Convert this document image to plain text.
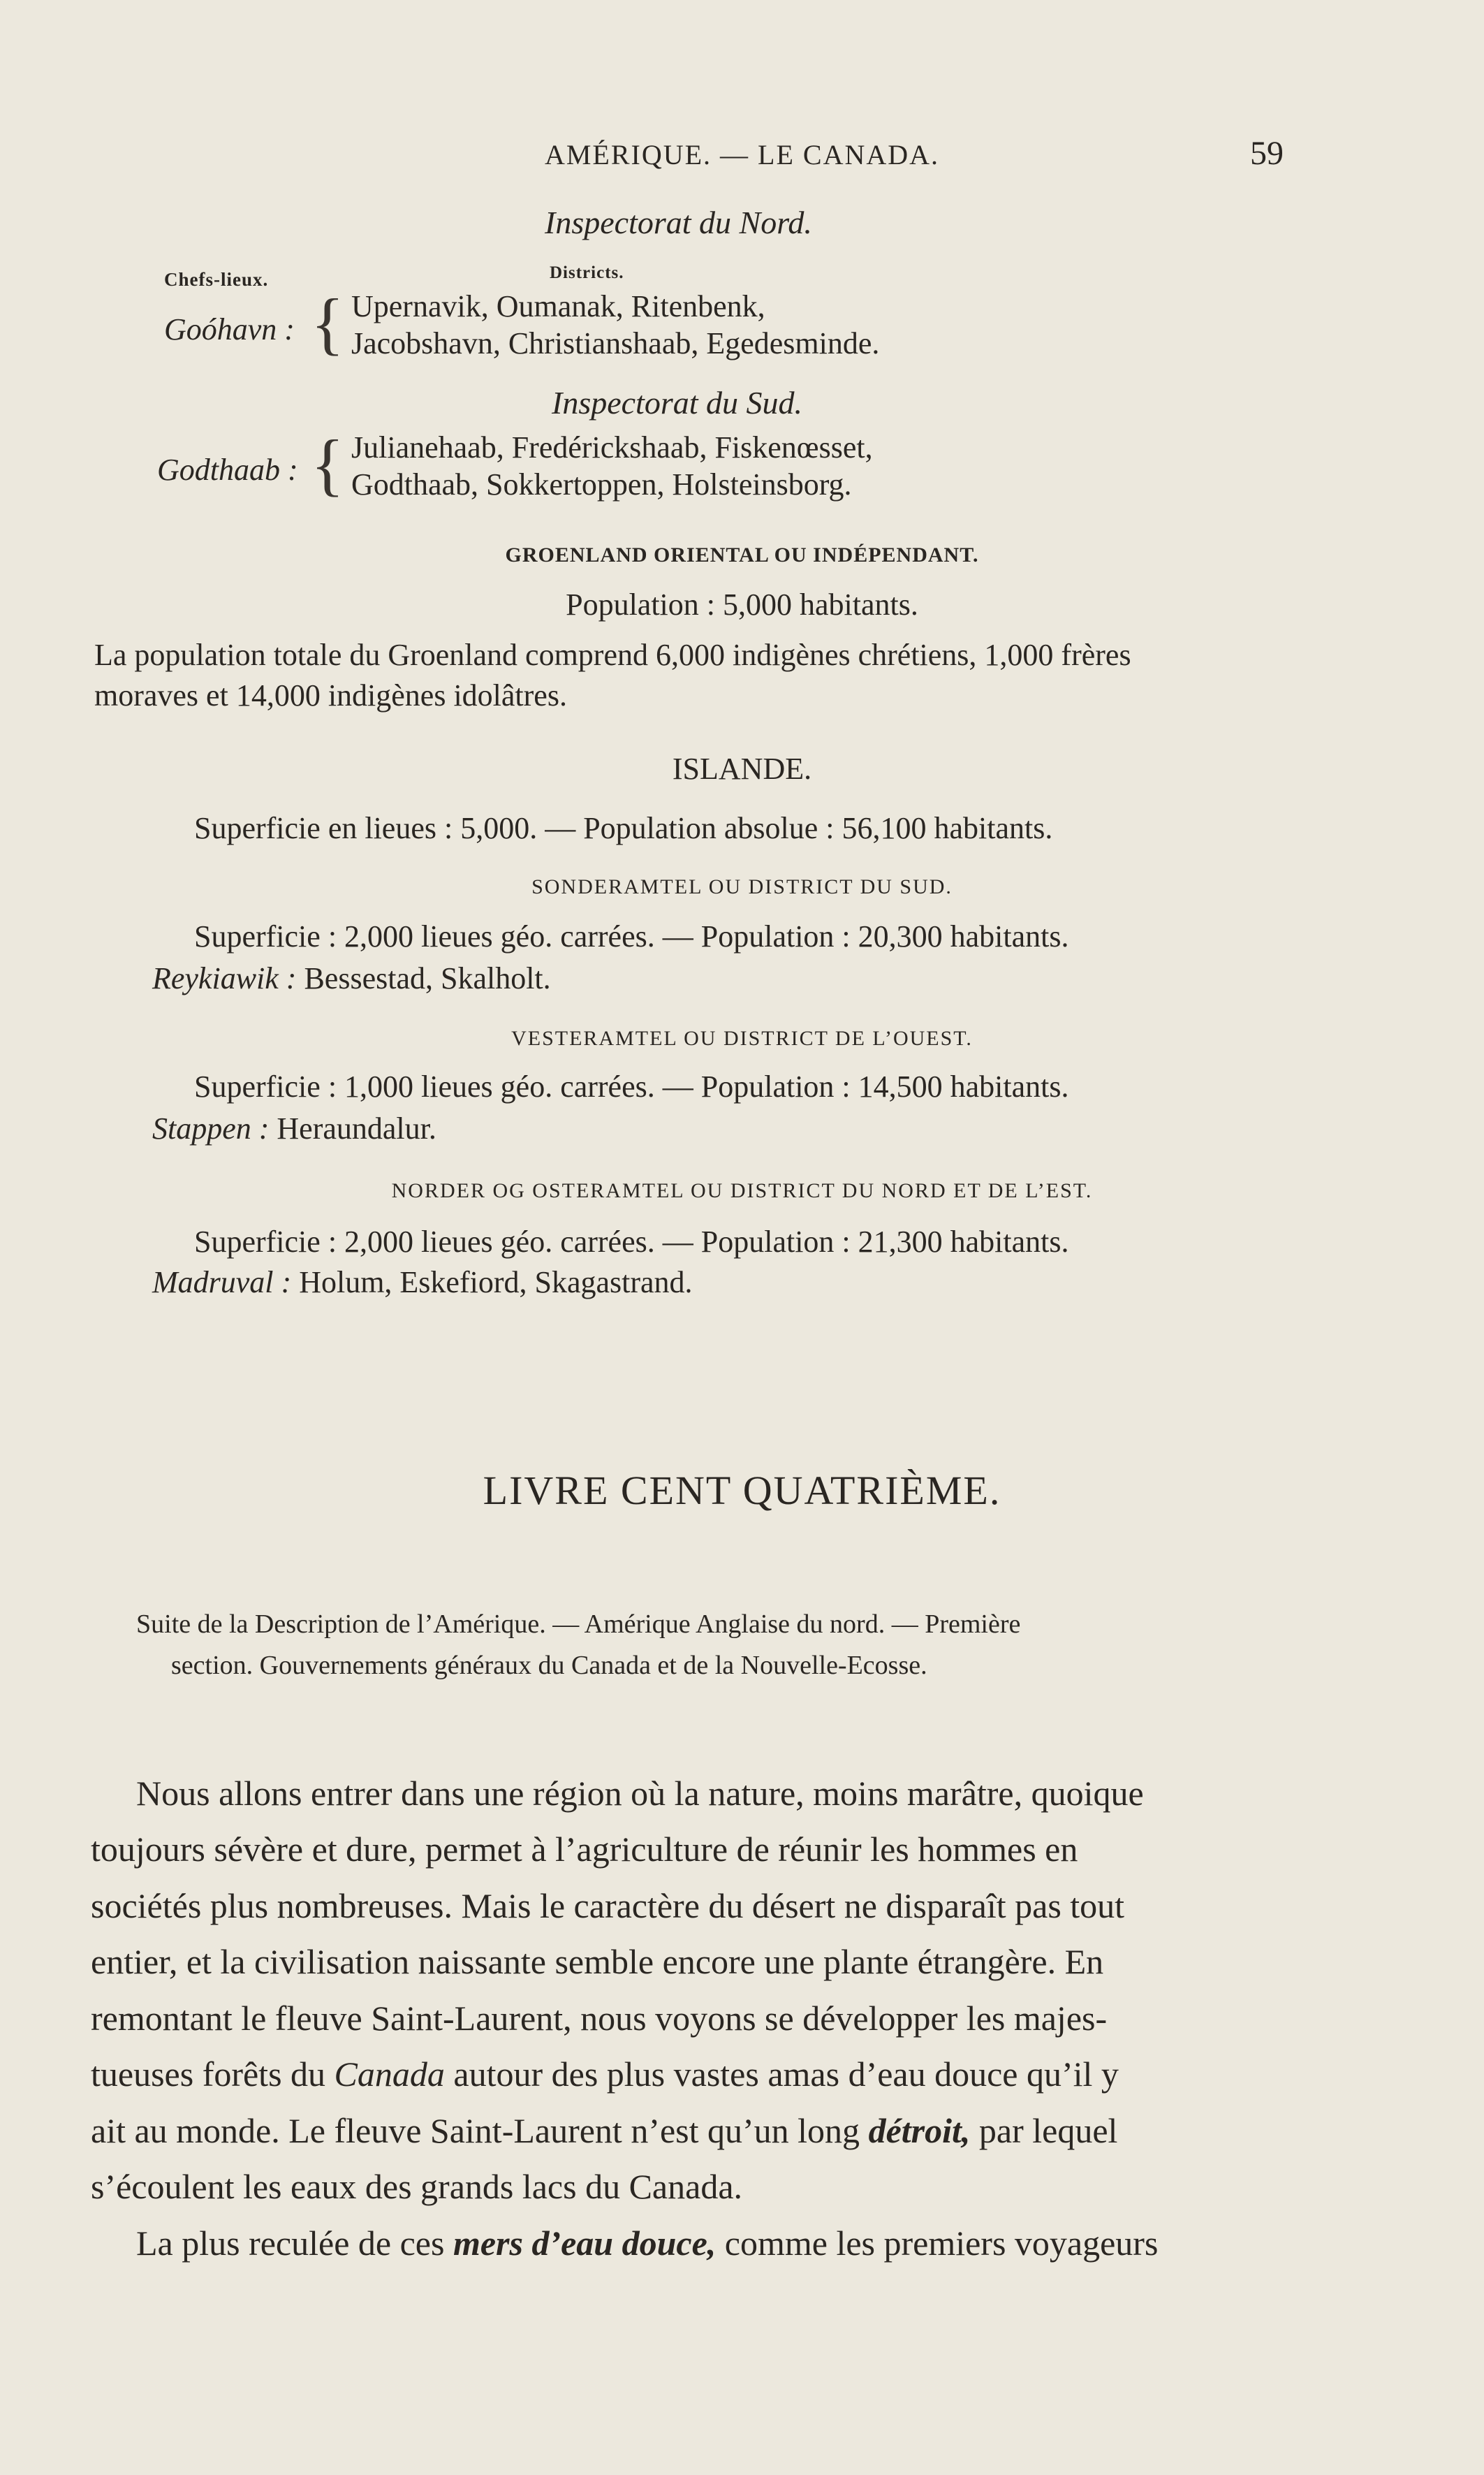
AMÉRIQUE. — LE CANADA.	59
Inspectorat du Nord.
Chefs-lieux.	Districts.
Goóhavn : { Upernavik, Oumanak, Ritenbenk,
Jacobshavn, Christianshaab, Egedesminde.
Inspectorat du Sud.
Godthaab : { Julianehaab, Fredérickshaab, Fiskenœsset,
Godthaab, Sokkertoppen, Holsteinsborg.
GROENLAND ORIENTAL OU INDÉPENDANT.
Population : 5,000 habitants.
La population totale du Groenland comprend 6,000 indigènes chrétiens, 1,000 frères
moraves et 14,000 indigènes idolâtres.
ISLANDE.
Superficie en lieues : 5,000. — Population absolue : 56,100 habitants.
SONDERAMTEL OU DISTRICT DU SUD.
Superficie : 2,000 lieues géo. carrées. — Population : 20,300 habitants.
Reykiawik : Bessestad, Skalholt.
VESTERAMTEL OU DISTRICT DE L’OUEST.
Superficie : 1,000 lieues géo. carrées. — Population : 14,500 habitants.
Stappen : Heraundalur.
NORDER OG OSTERAMTEL OU DISTRICT DU NORD ET DE L’EST.
Superficie : 2,000 lieues géo. carrées. — Population : 21,300 habitants.
Madruval : Holum, Eskefiord, Skagastrand.
LIVRE CENT QUATRIÈME.
Suite de la Description de l’Amérique. — Amérique Anglaise du nord. — Première
section. Gouvernements généraux du Canada et de la Nouvelle-Ecosse.
Nous allons entrer dans une région où la nature, moins marâtre, quoique
toujours sévère et dure, permet à l’agriculture de réunir les hommes en
sociétés plus nombreuses. Mais le caractère du désert ne disparaît pas tout
entier, et la civilisation naissante semble encore une plante étrangère. En
remontant le fleuve Saint-Laurent, nous voyons se développer les majes-
tueuses forêts du Canada autour des plus vastes amas d’eau douce qu’il y
ait au monde. Le fleuve Saint-Laurent n’est qu’un long détroit, par lequel
s’écoulent les eaux des grands lacs du Canada.
La plus reculée de ces mers d’eau douce, comme les premiers voyageurs
